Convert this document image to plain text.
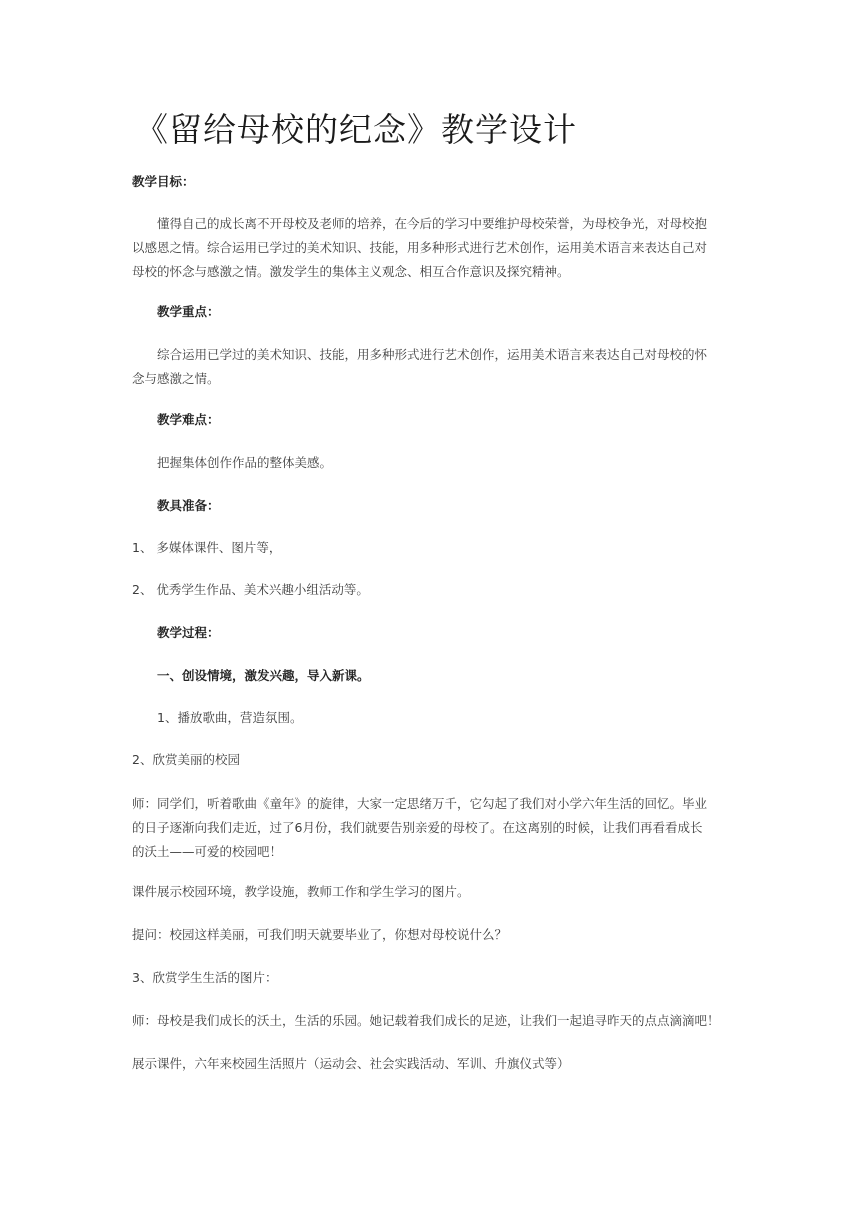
《留给母校的纪念》教学设计
教学目标：
懂得自己的成长离不开母校及老师的培养，在今后的学习中要维护母校荣誉，为母校争光，对母校抱
以感恩之情。综合运用已学过的美术知识、技能，用多种形式进行艺术创作，运用美术语言来表达自己对
母校的怀念与感激之情。激发学生的集体主义观念、相互合作意识及探究精神。
教学重点：
综合运用已学过的美术知识、技能，用多种形式进行艺术创作，运用美术语言来表达自己对母校的怀
念与感激之情。
教学难点：
把握集体创作作品的整体美感。
教具准备：
1、 多媒体课件、图片等，
2、 优秀学生作品、美术兴趣小组活动等。
教学过程：
一、创设情境，激发兴趣，导入新课。
1、播放歌曲，营造氛围。
2、欣赏美丽的校园
师：同学们，听着歌曲《童年》的旋律，大家一定思绪万千，它勾起了我们对小学六年生活的回忆。毕业
的日子逐渐向我们走近，过了6月份，我们就要告别亲爱的母校了。在这离别的时候，让我们再看看成长
的沃土——可爱的校园吧！
课件展示校园环境，教学设施，教师工作和学生学习的图片。
提问：校园这样美丽，可我们明天就要毕业了，你想对母校说什么？
3、欣赏学生生活的图片：
师：母校是我们成长的沃土，生活的乐园。她记载着我们成长的足迹，让我们一起追寻昨天的点点滴滴吧！
展示课件，六年来校园生活照片（运动会、社会实践活动、军训、升旗仪式等）
